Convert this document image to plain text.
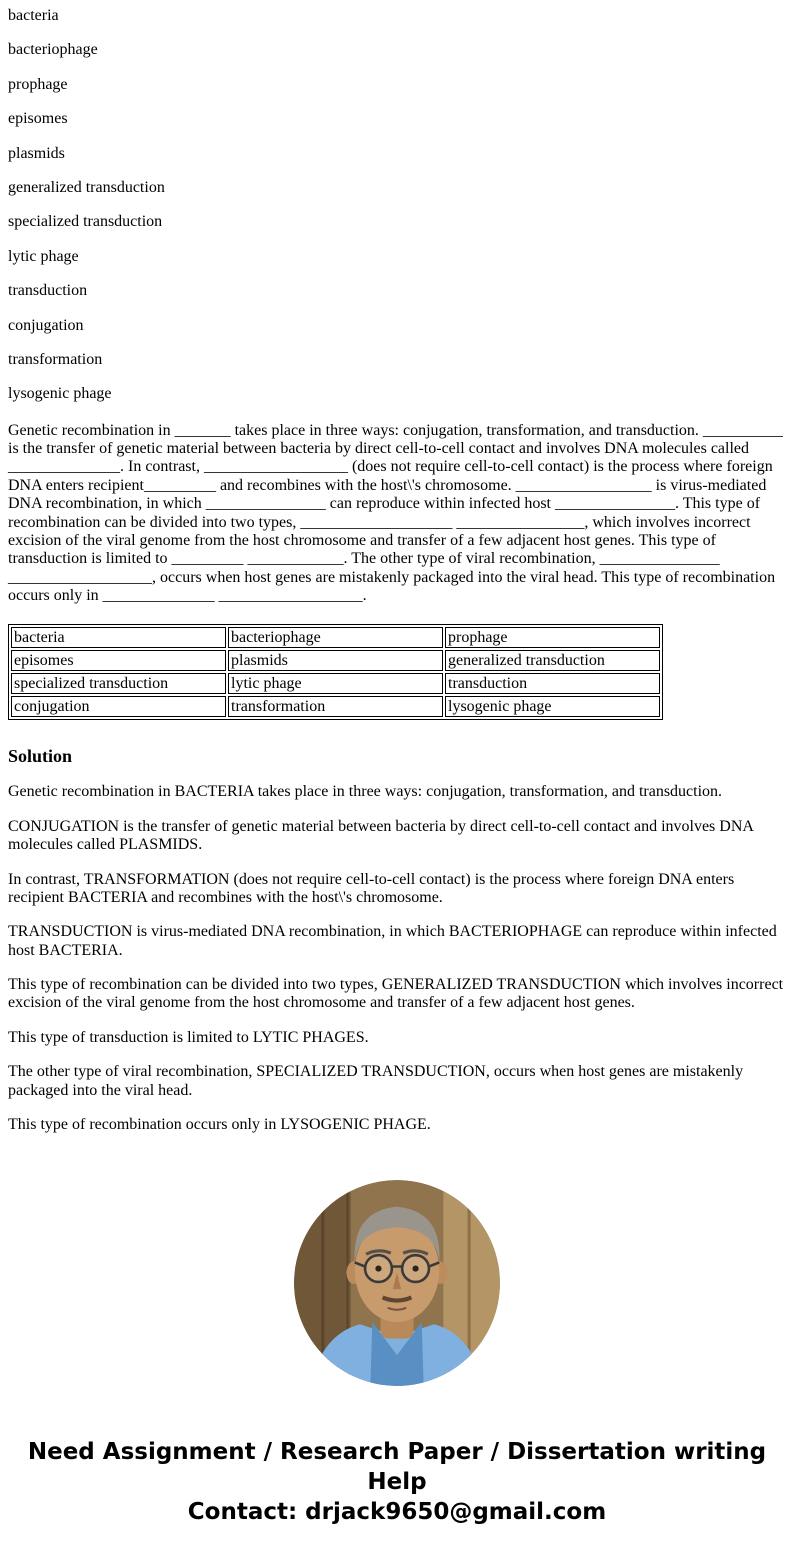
bacteria

bacteriophage

prophage

episomes

plasmids

generalized transduction

specialized transduction

lytic phage

transduction

conjugation

transformation

lysogenic phage

Genetic recombination in _______ takes place in three ways: conjugation, transformation, and transduction. __________ is the transfer of genetic material between bacteria by direct cell-to-cell contact and involves DNA molecules called ______________. In contrast, __________________ (does not require cell-to-cell contact) is the process where foreign DNA enters recipient_________ and recombines with the host\'s chromosome. _________________ is virus-mediated DNA recombination, in which _______________ can reproduce within infected host _______________. This type of recombination can be divided into two types, ___________________ ________________, which involves incorrect excision of the viral genome from the host chromosome and transfer of a few adjacent host genes. This type of transduction is limited to _________ ____________. The other type of viral recombination, _______________ __________________, occurs when host genes are mistakenly packaged into the viral head. This type of recombination occurs only in ______________ __________________.

bacteria	bacteriophage	prophage
episomes	plasmids	generalized transduction
specialized transduction	lytic phage	transduction
conjugation	transformation	lysogenic phage
Solution

Genetic recombination in BACTERIA takes place in three ways: conjugation, transformation, and transduction.

CONJUGATION is the transfer of genetic material between bacteria by direct cell-to-cell contact and involves DNA molecules called PLASMIDS.

In contrast, TRANSFORMATION (does not require cell-to-cell contact) is the process where foreign DNA enters recipient BACTERIA and recombines with the host\'s chromosome.

TRANSDUCTION is virus-mediated DNA recombination, in which BACTERIOPHAGE can reproduce within infected host BACTERIA.

This type of recombination can be divided into two types, GENERALIZED TRANSDUCTION which involves incorrect excision of the viral genome from the host chromosome and transfer of a few adjacent host genes.

This type of transduction is limited to LYTIC PHAGES.

The other type of viral recombination, SPECIALIZED TRANSDUCTION, occurs when host genes are mistakenly packaged into the viral head.

This type of recombination occurs only in LYSOGENIC PHAGE.

Need Assignment / Research Paper / Dissertation writing Help
Contact: drjack9650@gmail.com
